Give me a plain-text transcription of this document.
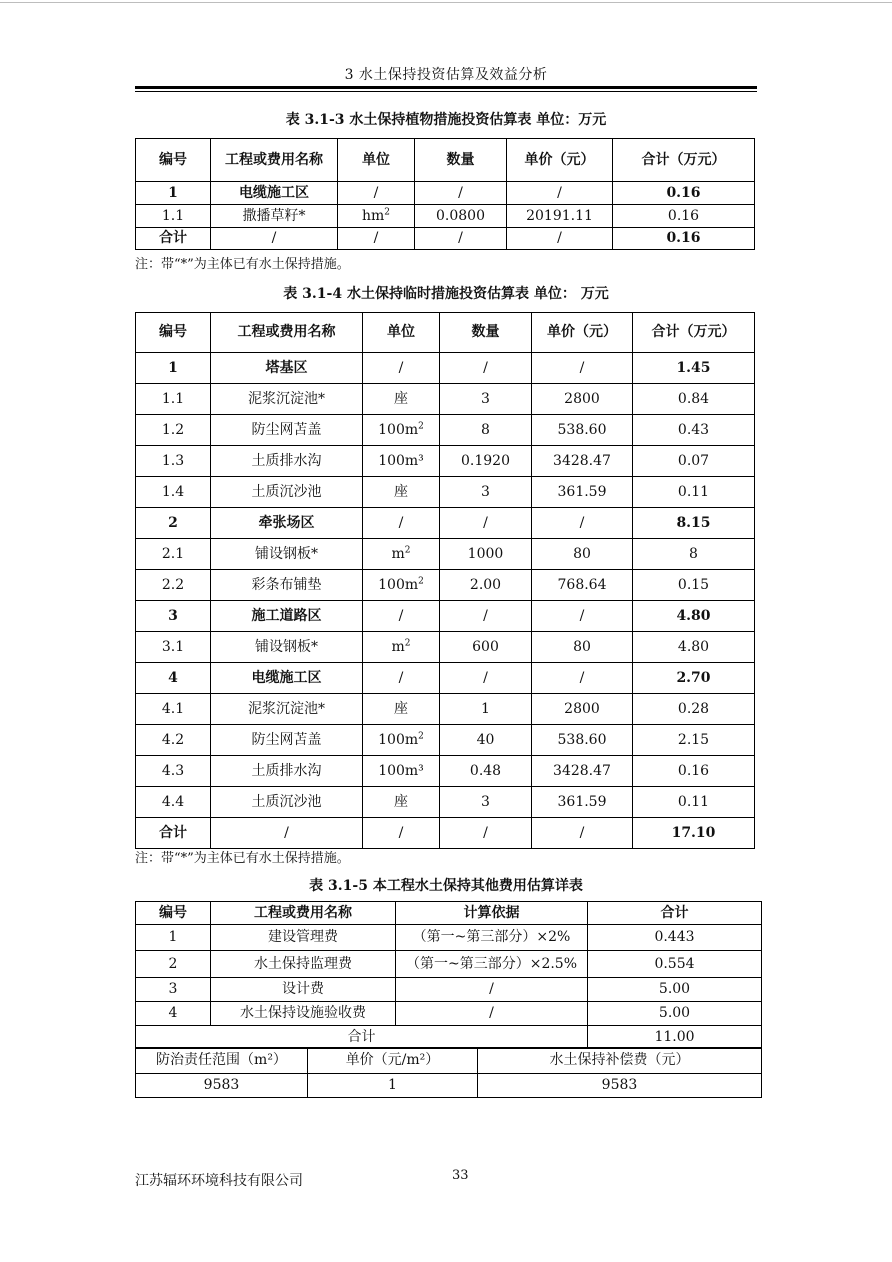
3 水土保持投资估算及效益分析
表 3.1-3 水土保持植物措施投资估算表 单位：万元
编号	工程或费用名称	单位	数量	单价（元）	合计（万元）
1	电缆施工区	/	/	/	0.16
1.1	撒播草籽*	$hm^2$	0.0800	20191.11	0.16
合计	/	/	/	/	0.16
注：带“*”为主体已有水土保持措施。
表 3.1-4 水土保持临时措施投资估算表 单位： 万元
编号	工程或费用名称	单位	数量	单价（元）	合计（万元）
1	塔基区	/	/	/	1.45
1.1	泥浆沉淀池*	座	3	2800	0.84
1.2	防尘网苫盖	$100m^2$	8	538.60	0.43
1.3	土质排水沟	100m³	0.1920	3428.47	0.07
1.4	土质沉沙池	座	3	361.59	0.11
2	牵张场区	/	/	/	8.15
2.1	铺设钢板*	$m^2$	1000	80	8
2.2	彩条布铺垫	$100m^2$	2.00	768.64	0.15
3	施工道路区	/	/	/	4.80
3.1	铺设钢板*	$m^2$	600	80	4.80
4	电缆施工区	/	/	/	2.70
4.1	泥浆沉淀池*	座	1	2800	0.28
4.2	防尘网苫盖	$100m^2$	40	538.60	2.15
4.3	土质排水沟	100m³	0.48	3428.47	0.16
4.4	土质沉沙池	座	3	361.59	0.11
合计	/	/	/	/	17.10
注：带“*”为主体已有水土保持措施。
表 3.1-5 本工程水土保持其他费用估算详表
编号	工程或费用名称	计算依据	合计
1	建设管理费	（第一~第三部分）×2%	0.443
2	水土保持监理费	（第一~第三部分）×2.5%	0.554
3	设计费	/	5.00
4	水土保持设施验收费	/	5.00
合计			11.00
防治责任范围（m²）	单价（元/m²）	水土保持补偿费（元）
9583	1	9583
江苏辐环环境科技有限公司	33
